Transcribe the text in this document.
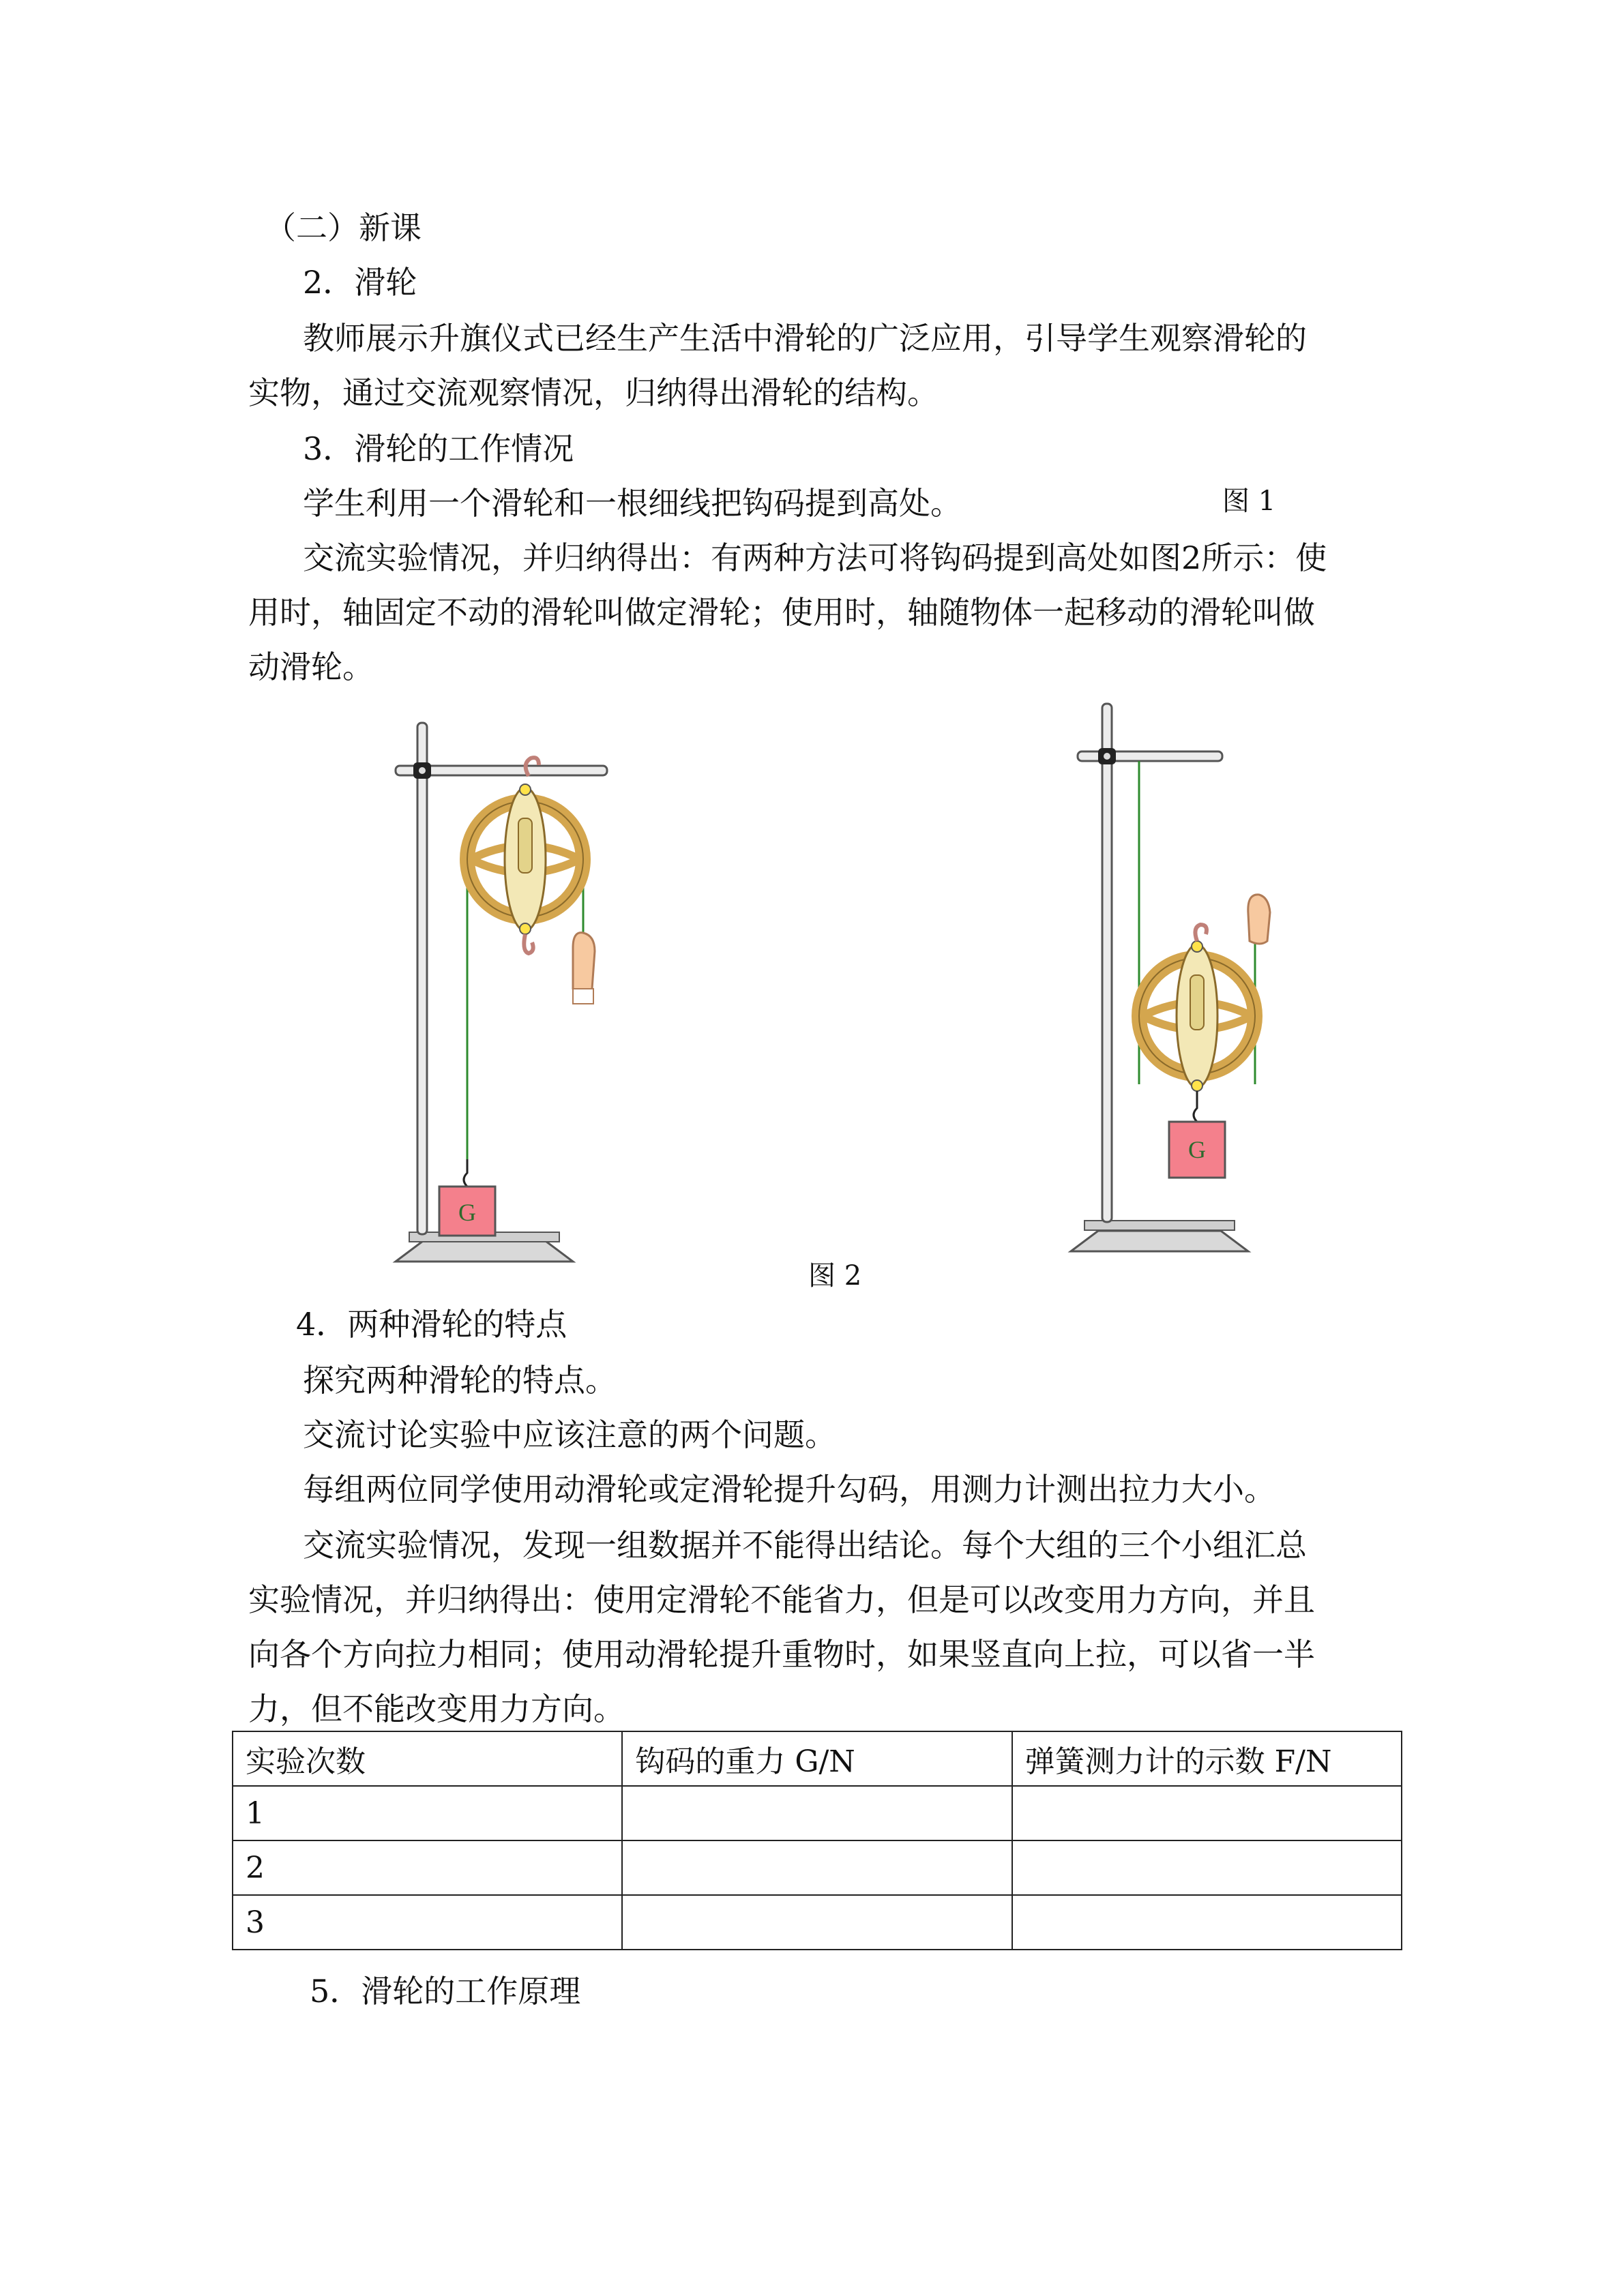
（二）新课
2．滑轮
教师展示升旗仪式已经生产生活中滑轮的广泛应用，引导学生观察滑轮的
实物，通过交流观察情况，归纳得出滑轮的结构。
3．滑轮的工作情况
学生利用一个滑轮和一根细线把钩码提到高处。	图 1
交流实验情况，并归纳得出：有两种方法可将钩码提到高处如图2所示：使
用时，轴固定不动的滑轮叫做定滑轮；使用时，轴随物体一起移动的滑轮叫做
动滑轮。
G
图 2
G
4．两种滑轮的特点
探究两种滑轮的特点。
交流讨论实验中应该注意的两个问题。
每组两位同学使用动滑轮或定滑轮提升勾码，用测力计测出拉力大小。
交流实验情况，发现一组数据并不能得出结论。每个大组的三个小组汇总
实验情况，并归纳得出：使用定滑轮不能省力，但是可以改变用力方向，并且
向各个方向拉力相同；使用动滑轮提升重物时，如果竖直向上拉，可以省一半
力，但不能改变用力方向。
实验次数	钩码的重力 G/N	弹簧测力计的示数 F/N
1		
2		
3		
5．滑轮的工作原理
